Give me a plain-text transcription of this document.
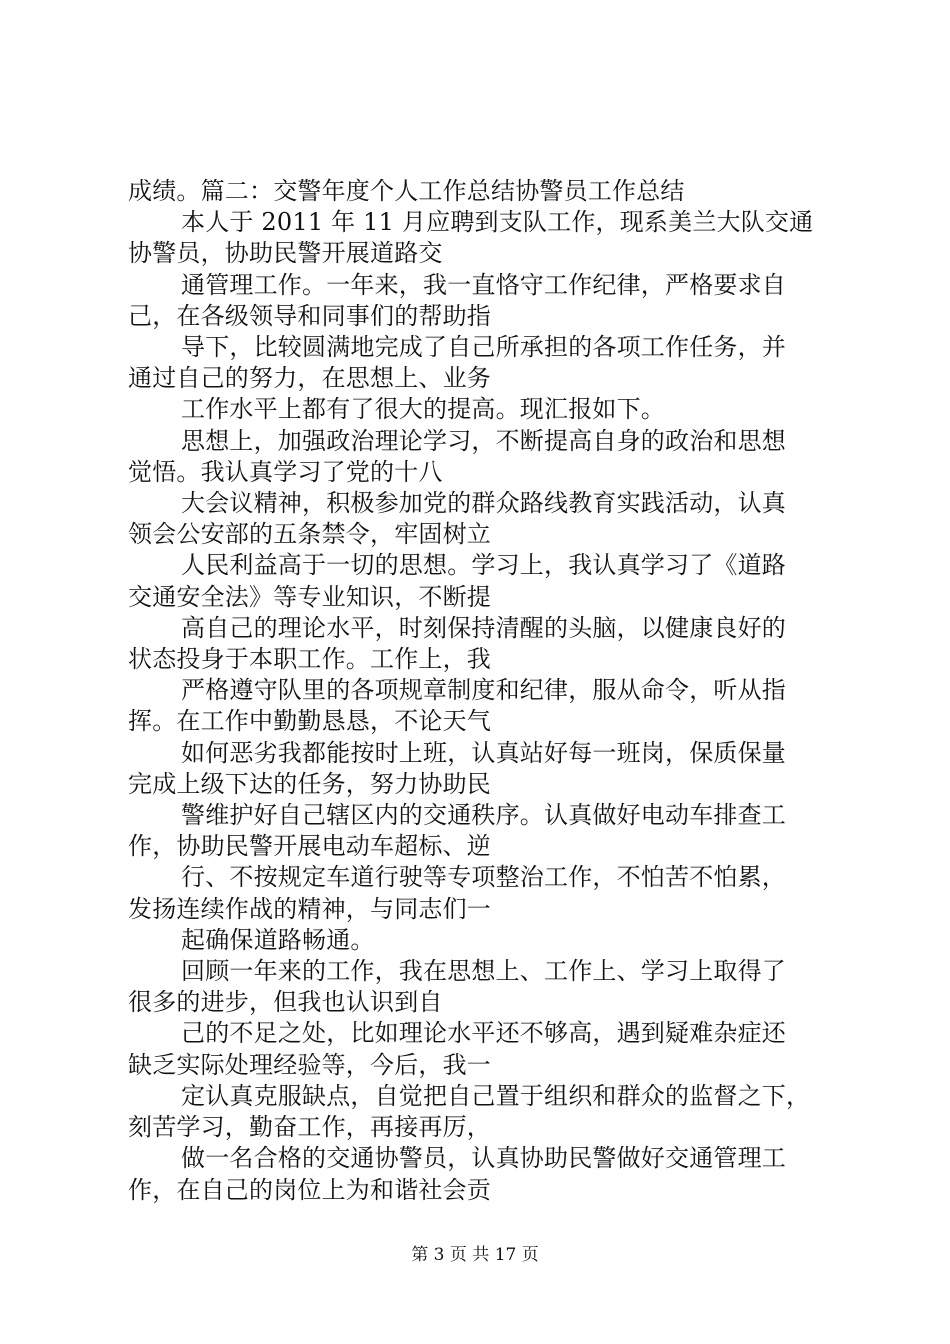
成绩。篇二：交警年度个人工作总结协警员工作总结
本人于 2011 年 11 月应聘到支队工作，现系美兰大队交通
协警员，协助民警开展道路交
通管理工作。一年来，我一直恪守工作纪律，严格要求自
己，在各级领导和同事们的帮助指
导下，比较圆满地完成了自己所承担的各项工作任务，并
通过自己的努力，在思想上、业务
工作水平上都有了很大的提高。现汇报如下。
思想上，加强政治理论学习，不断提高自身的政治和思想
觉悟。我认真学习了党的十八
大会议精神，积极参加党的群众路线教育实践活动，认真
领会公安部的五条禁令，牢固树立
人民利益高于一切的思想。学习上，我认真学习了《道路
交通安全法》等专业知识，不断提
高自己的理论水平，时刻保持清醒的头脑，以健康良好的
状态投身于本职工作。工作上，我
严格遵守队里的各项规章制度和纪律，服从命令，听从指
挥。在工作中勤勤恳恳，不论天气
如何恶劣我都能按时上班，认真站好每一班岗，保质保量
完成上级下达的任务，努力协助民
警维护好自己辖区内的交通秩序。认真做好电动车排查工
作，协助民警开展电动车超标、逆
行、不按规定车道行驶等专项整治工作，不怕苦不怕累，
发扬连续作战的精神，与同志们一
起确保道路畅通。
回顾一年来的工作，我在思想上、工作上、学习上取得了
很多的进步，但我也认识到自
己的不足之处，比如理论水平还不够高，遇到疑难杂症还
缺乏实际处理经验等，今后，我一
定认真克服缺点，自觉把自己置于组织和群众的监督之下，
刻苦学习，勤奋工作，再接再厉，
做一名合格的交通协警员，认真协助民警做好交通管理工
作，在自己的岗位上为和谐社会贡
第 3 页 共 17 页
